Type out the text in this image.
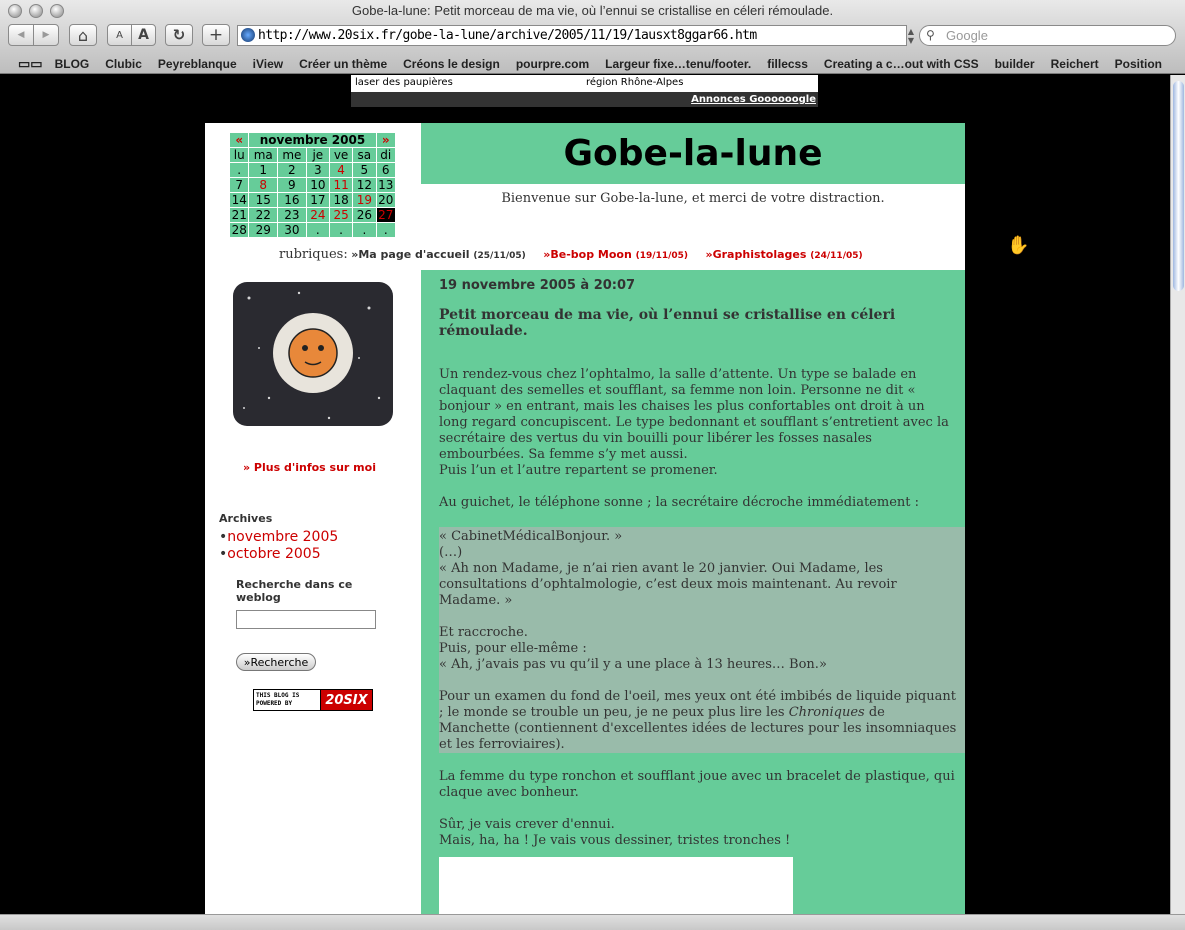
Gobe-la-lune: Petit morceau de ma vie, où l’ennui se cristallise en céleri rémoulade.
◀ ▶ ⌂	A A ↻ +	http://www.20six.fr/gobe-la-lune/archive/2005/11/19/1ausxt8ggar66.htm	▲
▼	Google
⚲
▭▭ BLOG Clubic Peyreblanque iView Créer un thème Créons le design pourpre.com Largeur fixe…tenu/footer. fillecss Creating a c…out with CSS builder Reichert Position
laser des paupières	région Rhône-Alpes
Annonces Goooooogle
«	novembre 2005					»
lu	ma	me	je	ve	sa	di
.	1	2	3	4	5	6
7	8	9	10	11	12	13
14	15	16	17	18	19	20
21	22	23	24	25	26	27
28	29	30	.	.	.	.
Gobe-la-lune
Bienvenue sur Gobe-la-lune, et merci de votre distraction.
rubriques: »Ma page d'accueil (25/11/05) »Be-bop Moon (19/11/05) »Graphistolages (24/11/05)
» Plus d'infos sur moi
Archives
•novembre 2005
•octobre 2005
Recherche dans ce weblog
»Recherche
THIS BLOG IS POWERED BY	20SIX
19 novembre 2005 à 20:07
Petit morceau de ma vie, où l’ennui se cristallise en céleri rémoulade.

Un rendez-vous chez l’ophtalmo, la salle d’attente. Un type se balade en claquant des semelles et soufflant, sa femme non loin. Personne ne dit « bonjour » en entrant, mais les chaises les plus confortables ont droit à un long regard concupiscent. Le type bedonnant et soufflant s’entretient avec la secrétaire des vertus du vin bouilli pour libérer les fosses nasales embourbées. Sa femme s’y met aussi.
Puis l’un et l’autre repartent se promener.

Au guichet, le téléphone sonne ; la secrétaire décroche immédiatement :

« CabinetMédicalBonjour. »
(…)
« Ah non Madame, je n’ai rien avant le 20 janvier. Oui Madame, les consultations d’ophtalmologie, c’est deux mois maintenant. Au revoir Madame. »
Et raccroche.
Puis, pour elle-même :
« Ah, j’avais pas vu qu’il y a une place à 13 heures… Bon.»
Pour un examen du fond de l'oeil, mes yeux ont été imbibés de liquide piquant ; le monde se trouble un peu, je ne peux plus lire les Chroniques de Manchette (contiennent d'excellentes idées de lectures pour les insomniaques et les ferroviaires).

La femme du type ronchon et soufflant joue avec un bracelet de plastique, qui claque avec bonheur.

Sûr, je vais crever d'ennui.
Mais, ha, ha ! Je vais vous dessiner, tristes tronches !

✋
